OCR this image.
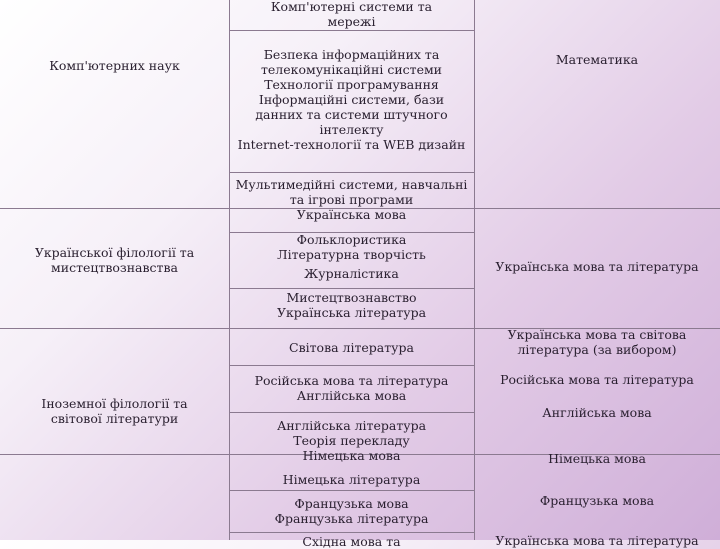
Комп'ютерних наук
Української філології та
мистецтвознавства
Іноземної філології та
світової літератури
Комп'ютерні системи та
мережі
Безпека інформаційних та
телекомунікаційні системи
Технології програмування
Інформаційні системи, бази
данних та системи штучного
інтелекту
Internet-технології та WEB дизайн
Мультимедійні системи, навчальні
та ігрові програми
Українська мова
Фольклористика
Літературна творчість
Журналістика
Мистецтвознавство
Українська література
Світова література
Російська мова та література
Англійська мова
Англійська література
Теорія перекладу
Німецька мова
Німецька література
Французька мова
Французька література
Східна мова та
Математика
Українська мова та література
Українська мова та світова
література (за вибором)
Російська мова та література
Англійська мова
Німецька мова
Французька мова
Українська мова та література
